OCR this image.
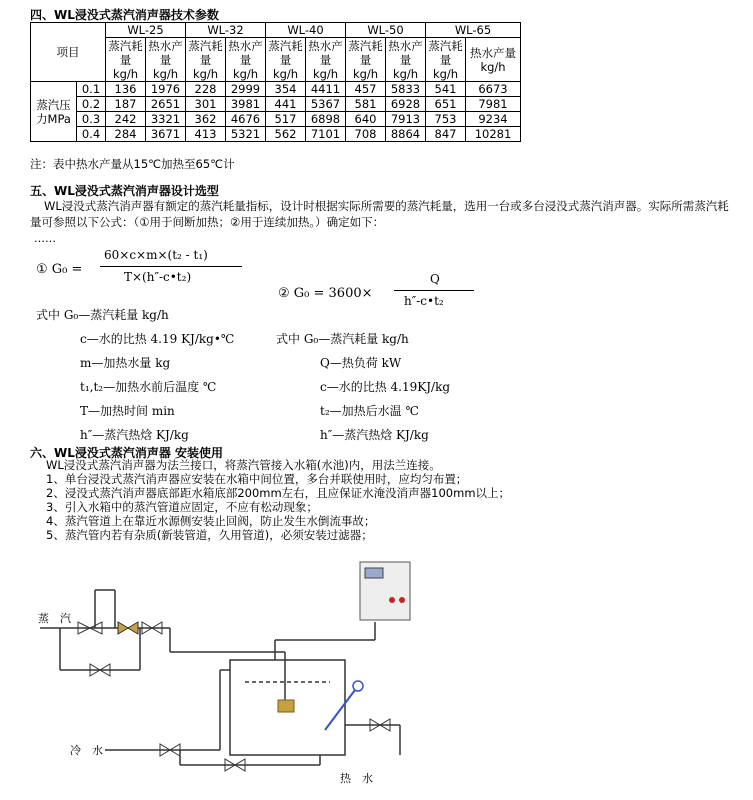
四、WL浸没式蒸汽消声器技术参数
项目		WL-25		WL-32		WL-40		WL-50		WL-65	
		蒸汽耗量kg/h	热水产量kg/h	蒸汽耗量kg/h	热水产量kg/h	蒸汽耗量kg/h	热水产量kg/h	蒸汽耗量kg/h	热水产量kg/h	蒸汽耗量kg/h	热水产量kg/h
蒸汽压力MPa	0.1	136	1976	228	2999	354	4411	457	5833	541	6673
	0.2	187	2651	301	3981	441	5367	581	6928	651	7981
	0.3	242	3321	362	4676	517	6898	640	7913	753	9234
	0.4	284	3671	413	5321	562	7101	708	8864	847	10281
注：表中热水产量从15℃加热至65℃计
五、WL浸没式蒸汽消声器设计选型
WL浸没式蒸汽消声器有额定的蒸汽耗量指标，设计时根据实际所需要的蒸汽耗量，选用一台或多台浸没式蒸汽消声器。实际所需蒸汽耗量可参照以下公式：（①用于间断加热；②用于连续加热。）确定如下：
……
① G₀ =
60×c×m×(t₂ - t₁)
T×(h″-c•t₂)
② G₀ = 3600×
Q
h″-c•t₂
式中 G₀—蒸汽耗量 kg/h
c—水的比热 4.19 KJ/kg•℃
m—加热水量 kg
t₁,t₂—加热水前后温度 ℃
T—加热时间 min
h″—蒸汽热焓 KJ/kg
式中 G₀—蒸汽耗量 kg/h
Q—热负荷 kW
c—水的比热 4.19KJ/kg
t₂—加热后水温 ℃
h″—蒸汽热焓 KJ/kg
六、WL浸没式蒸汽消声器 安装使用
WL浸没式蒸汽消声器为法兰接口，将蒸汽管接入水箱(水池)内，用法兰连接。
1、单台浸没式蒸汽消声器应安装在水箱中间位置，多台并联使用时，应均匀布置；
2、浸没式蒸汽消声器底部距水箱底部200mm左右，且应保证水淹没消声器100mm以上；
3、引入水箱中的蒸汽管道应固定，不应有松动现象；
4、蒸汽管道上在靠近水源侧安装止回阀，防止发生水倒流事故；
5、蒸汽管内若有杂质(新装管道，久用管道)，必须安装过滤器；
蒸　汽
冷　水
热　水
